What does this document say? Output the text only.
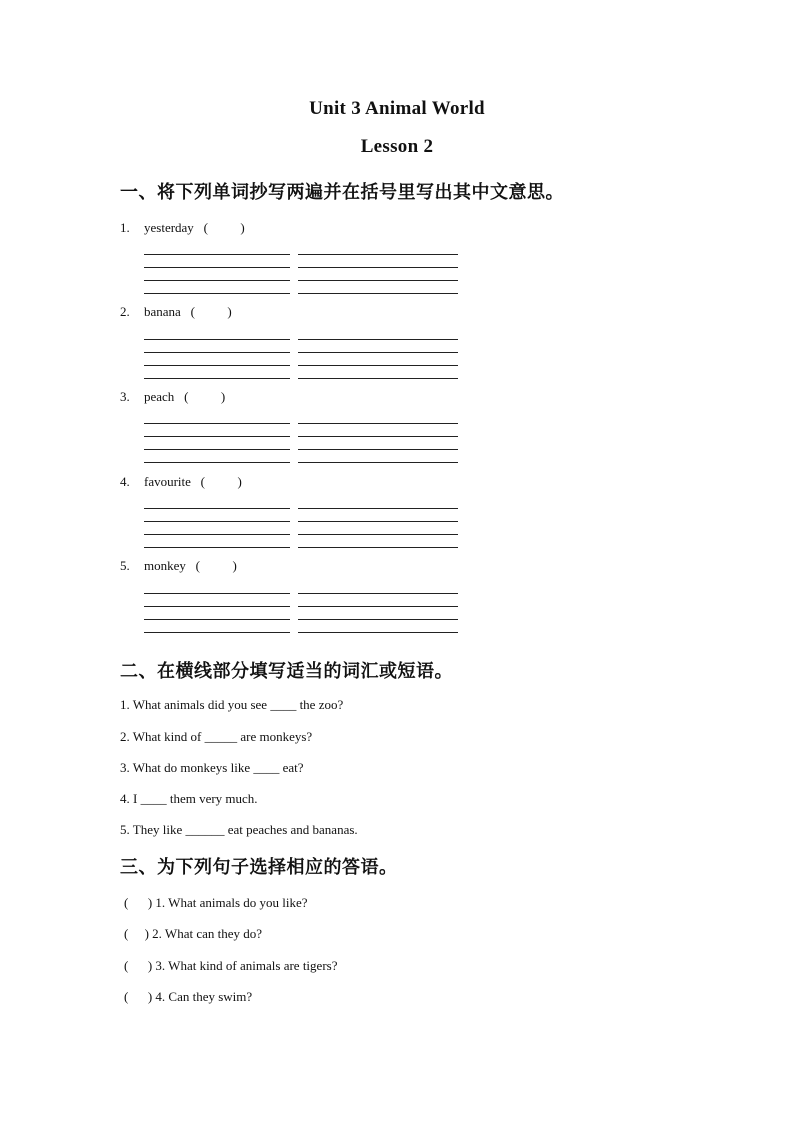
Unit 3 Animal World
Lesson 2
一、将下列单词抄写两遍并在括号里写出其中文意思。
1. yesterday (          )
2. banana (          )
3. peach (          )
4. favourite (          )
5. monkey (          )
二、在横线部分填写适当的词汇或短语。
1. What animals did you see ____ the zoo?
2. What kind of _____ are monkeys?
3. What do monkeys like ____ eat?
4. I ____ them very much.
5. They like ______ eat peaches and bananas.
三、为下列句子选择相应的答语。
(      ) 1. What animals do you like?
(     ) 2. What can they do?
(      ) 3. What kind of animals are tigers?
(      ) 4. Can they swim?
